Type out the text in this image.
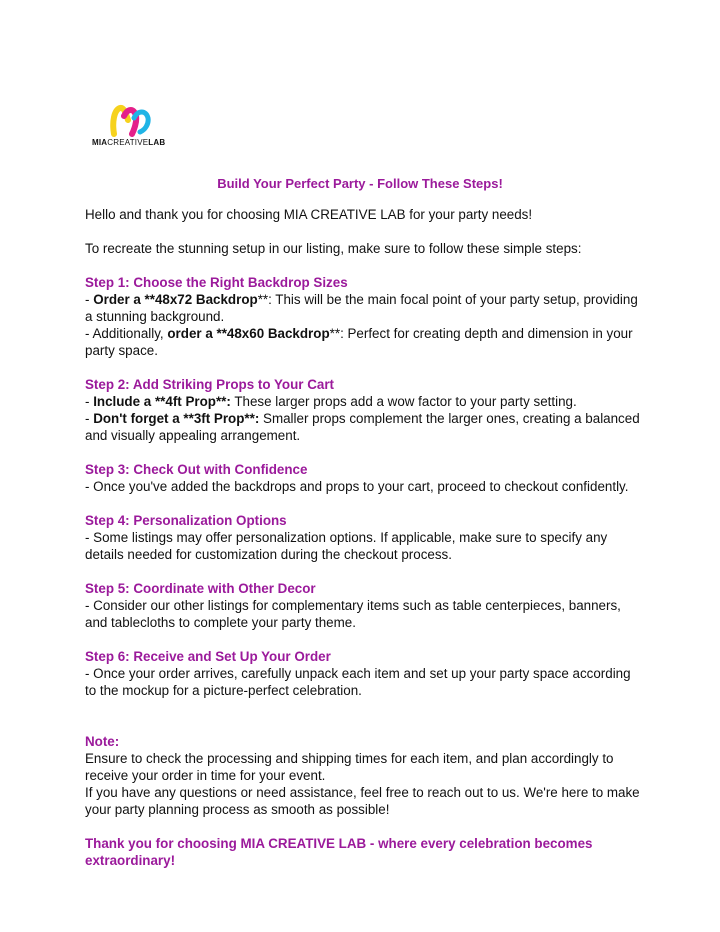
MIACREATIVELAB
Build Your Perfect Party - Follow These Steps!

Hello and thank you for choosing MIA CREATIVE LAB for your party needs!

To recreate the stunning setup in our listing, make sure to follow these simple steps:

Step 1: Choose the Right Backdrop Sizes

- Order a **48x72 Backdrop**: This will be the main focal point of your party setup, providing a stunning background.

- Additionally, order a **48x60 Backdrop**: Perfect for creating depth and dimension in your party space.

Step 2: Add Striking Props to Your Cart

- Include a **4ft Prop**: These larger props add a wow factor to your party setting.

- Don't forget a **3ft Prop**: Smaller props complement the larger ones, creating a balanced and visually appealing arrangement.

Step 3: Check Out with Confidence

- Once you've added the backdrops and props to your cart, proceed to checkout confidently.

Step 4: Personalization Options

- Some listings may offer personalization options. If applicable, make sure to specify any details needed for customization during the checkout process.

Step 5: Coordinate with Other Decor

- Consider our other listings for complementary items such as table centerpieces, banners, and tablecloths to complete your party theme.

Step 6: Receive and Set Up Your Order

- Once your order arrives, carefully unpack each item and set up your party space according to the mockup for a picture-perfect celebration.

Note:

Ensure to check the processing and shipping times for each item, and plan accordingly to receive your order in time for your event.

If you have any questions or need assistance, feel free to reach out to us. We're here to make your party planning process as smooth as possible!

Thank you for choosing MIA CREATIVE LAB - where every celebration becomes extraordinary!
